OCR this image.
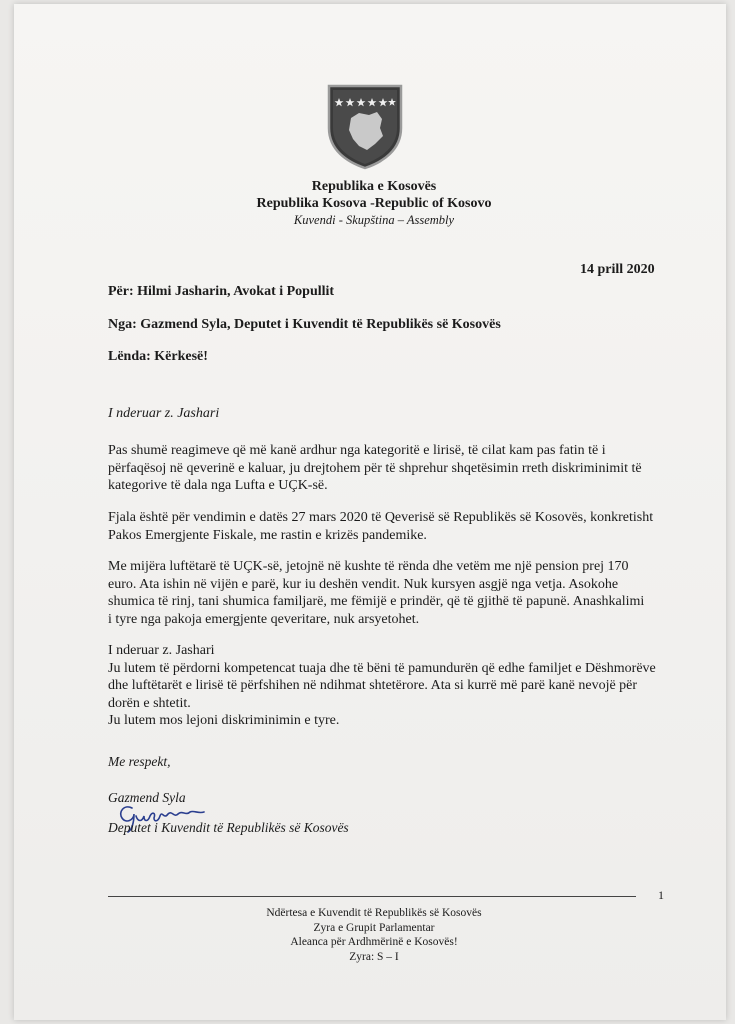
Republika e Kosovës
Republika Kosova -Republic of Kosovo
Kuvendi - Skupština – Assembly
14 prill 2020
Për: Hilmi Jasharin, Avokat i Popullit
Nga: Gazmend Syla, Deputet i Kuvendit të Republikës së Kosovës
Lënda: Kërkesë!
I nderuar z. Jashari
Pas shumë reagimeve që më kanë ardhur nga kategoritë e lirisë, të cilat kam pas fatin të i
përfaqësoj në qeverinë e kaluar, ju drejtohem për të shprehur shqetësimin rreth diskriminimit të
kategorive të dala nga Lufta e UÇK-së.
Fjala është për vendimin e datës 27 mars 2020 të Qeverisë së Republikës së Kosovës, konkretisht
Pakos Emergjente Fiskale, me rastin e krizës pandemike.
Me mijëra luftëtarë të UÇK-së, jetojnë në kushte të rënda dhe vetëm me një pension prej 170
euro. Ata ishin në vijën e parë, kur iu deshën vendit. Nuk kursyen asgjë nga vetja. Asokohe
shumica të rinj, tani shumica familjarë, me fëmijë e prindër, që të gjithë të papunë. Anashkalimi
i tyre nga pakoja emergjente qeveritare, nuk arsyetohet.
I nderuar z. Jashari
Ju lutem të përdorni kompetencat tuaja dhe të bëni të pamundurën që edhe familjet e Dëshmorëve
dhe luftëtarët e lirisë të përfshihen në ndihmat shtetërore. Ata si kurrë më parë kanë nevojë për
dorën e shtetit.
Ju lutem mos lejoni diskriminimin e tyre.
Me respekt,
Gazmend Syla
Deputet i Kuvendit të Republikës së Kosovës
1
Ndërtesa e Kuvendit të Republikës së Kosovës
Zyra e Grupit Parlamentar
Aleanca për Ardhmërinë e Kosovës!
Zyra: S – I
